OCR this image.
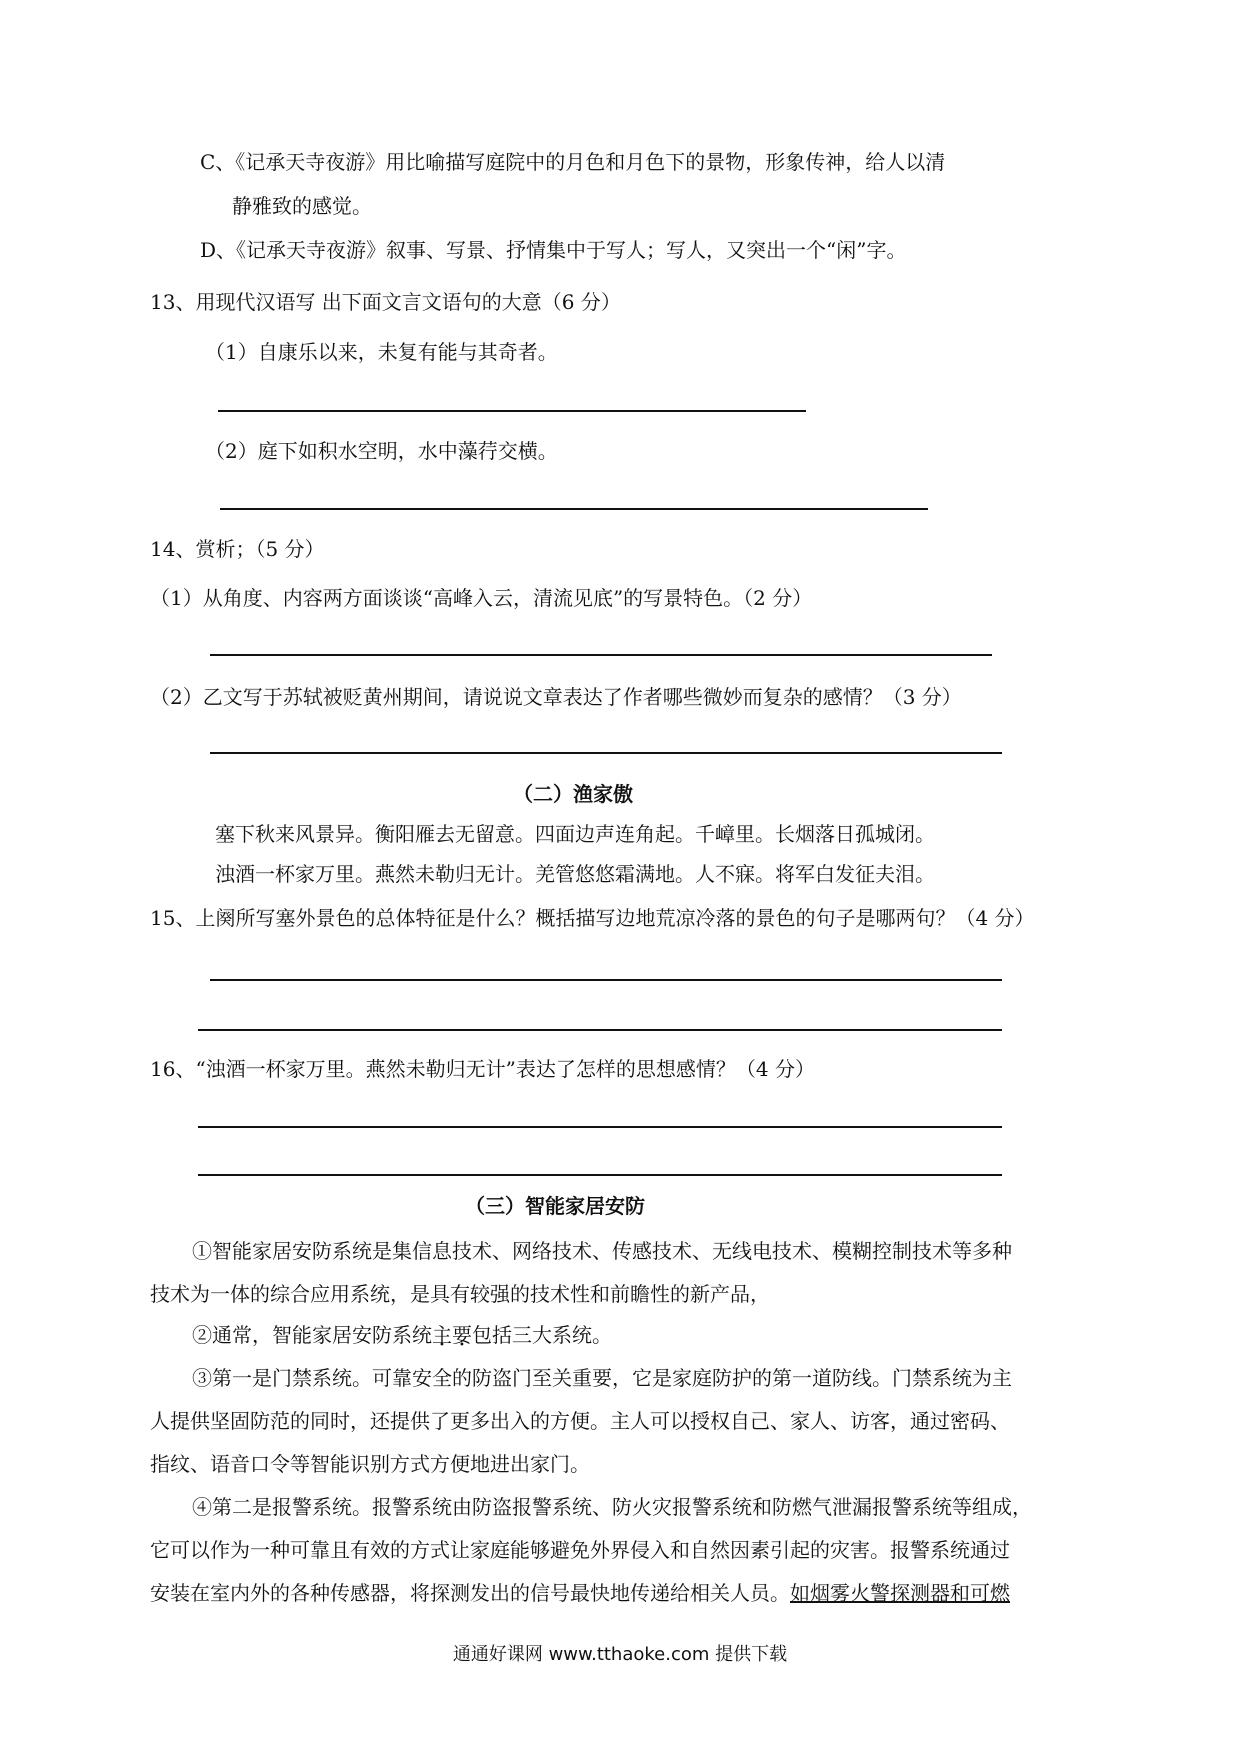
C、《记承天寺夜游》用比喻描写庭院中的月色和月色下的景物，形象传神，给人以清
静雅致的感觉。
D、《记承天寺夜游》叙事、写景、抒情集中于写人；写人，又突出一个“闲”字。
13、用现代汉语写 出下面文言文语句的大意（6 分）
（1）自康乐以来，未复有能与其奇者。
（2）庭下如积水空明，水中藻荇交横。
14、赏析；（5 分）
（1）从角度、内容两方面谈谈“高峰入云，清流见底”的写景特色。（2 分）
（2）乙文写于苏轼被贬黄州期间，请说说文章表达了作者哪些微妙而复杂的感情？（3 分）
（二）渔家傲
塞下秋来风景异。衡阳雁去无留意。四面边声连角起。千嶂里。长烟落日孤城闭。
浊酒一杯家万里。燕然未勒归无计。羌管悠悠霜满地。人不寐。将军白发征夫泪。
15、上阕所写塞外景色的总体特征是什么？概括描写边地荒凉冷落的景色的句子是哪两句？（4 分）
16、“浊酒一杯家万里。燕然未勒归无计”表达了怎样的思想感情？（4 分）
（三）智能家居安防
①智能家居安防系统是集信息技术、网络技术、传感技术、无线电技术、模糊控制技术等多种
技术为一体的综合应用系统，是具有较强的技术性和前瞻性的新产品，
②通常，智能家居安防系统主要包括三大系统。
③第一是门禁系统。可靠安全的防盗门至关重要，它是家庭防护的第一道防线。门禁系统为主
人提供坚固防范的同时，还提供了更多出入的方便。主人可以授权自己、家人、访客，通过密码、
指纹、语音口令等智能识别方式方便地进出家门。
④第二是报警系统。报警系统由防盗报警系统、防火灾报警系统和防燃气泄漏报警系统等组成，
它可以作为一种可靠且有效的方式让家庭能够避免外界侵入和自然因素引起的灾害。报警系统通过
安装在室内外的各种传感器，将探测发出的信号最快地传递给相关人员。如烟雾火警探测器和可燃
通通好课网 www.tthaoke.com 提供下载
